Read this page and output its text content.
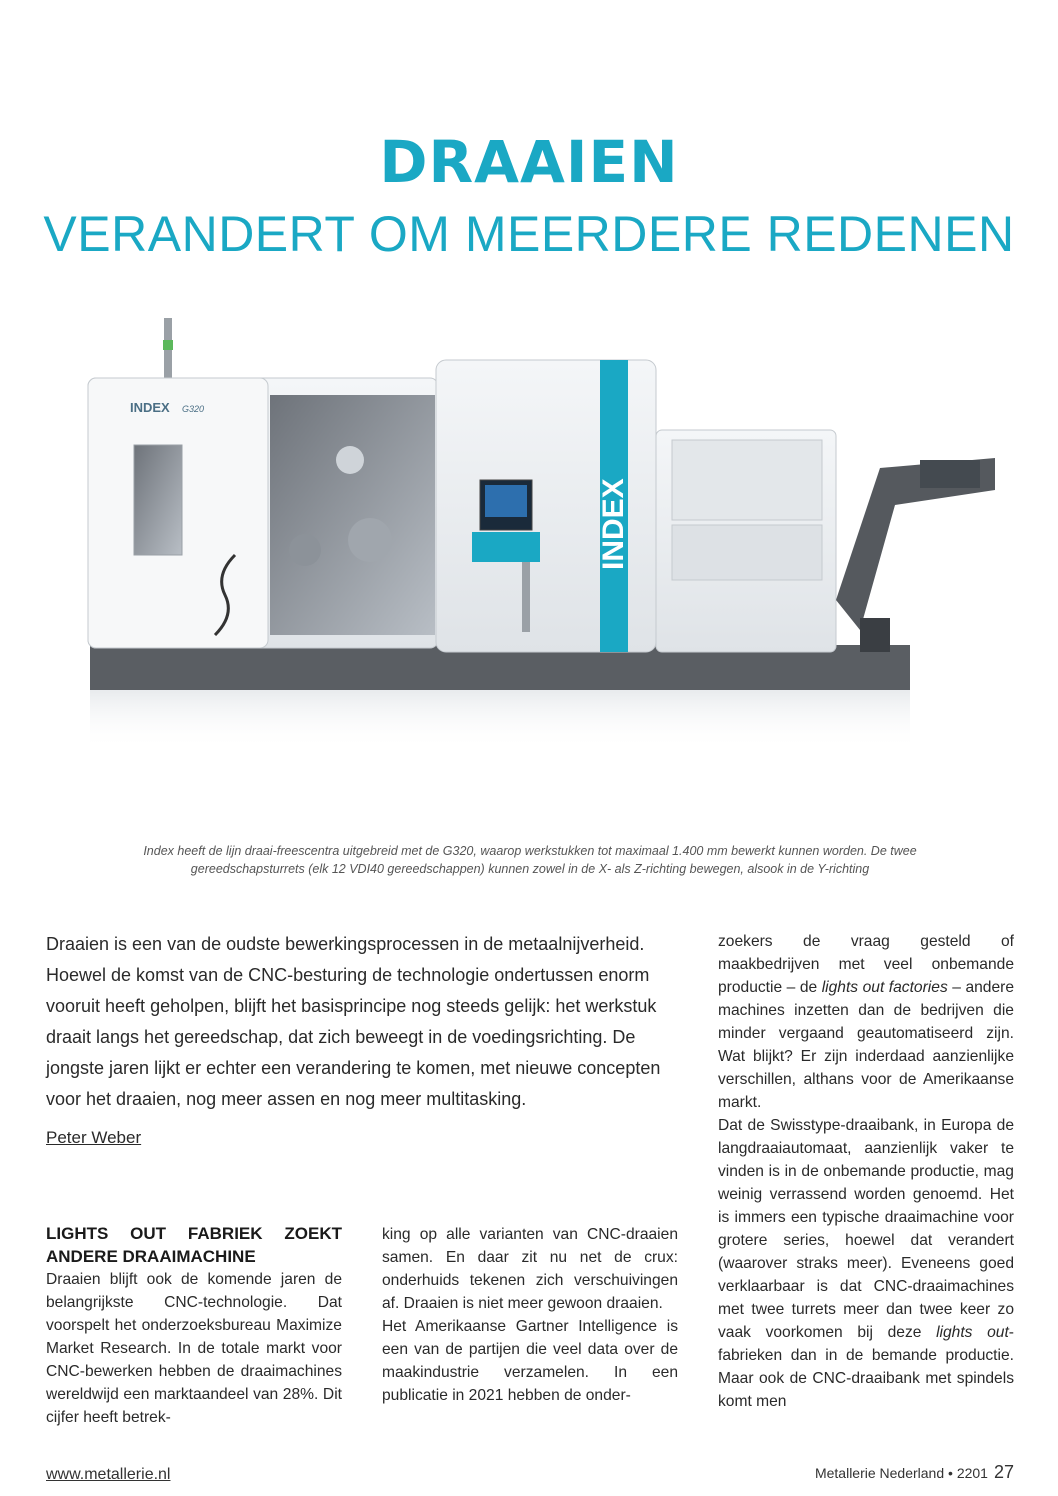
DRAAIEN
VERANDERT OM MEERDERE REDENEN
INDEX G320
INDEX
Index heeft de lijn draai-freescentra uitgebreid met de G320, waarop werkstukken tot maximaal 1.400 mm bewerkt kunnen worden. De twee gereedschapsturrets (elk 12 VDI40 gereedschappen) kunnen zowel in de X- als Z-richting bewegen, alsook in de Y-richting
Draaien is een van de oudste bewerkingsprocessen in de metaalnijverheid. Hoewel de komst van de CNC-besturing de technologie ondertussen enorm vooruit heeft geholpen, blijft het basisprincipe nog steeds gelijk: het werkstuk draait langs het gereedschap, dat zich beweegt in de voedingsrichting. De jongste jaren lijkt er echter een verandering te komen, met nieuwe concepten voor het draaien, nog meer assen en nog meer multitasking.
Peter Weber
LIGHTS OUT FABRIEK ZOEKT ANDERE DRAAIMACHINE

Draaien blijft ook de komende jaren de belangrijkste CNC-technologie. Dat voorspelt het onderzoeksbureau Maximize Market Research. In de totale markt voor CNC-bewerken hebben de draaimachines wereldwijd een marktaandeel van 28%. Dit cijfer heeft betrek-

king op alle varianten van CNC-draaien samen. En daar zit nu net de crux: onderhuids tekenen zich verschuivingen af. Draaien is niet meer gewoon draaien.

Het Amerikaanse Gartner Intelligence is een van de partijen die veel data over de maakindustrie verzamelen. In een publicatie in 2021 hebben de onder-

zoekers de vraag gesteld of maakbedrijven met veel onbemande productie – de lights out factories – andere machines inzetten dan de bedrijven die minder vergaand geautomatiseerd zijn. Wat blijkt? Er zijn inderdaad aanzienlijke verschillen, althans voor de Amerikaanse markt.

Dat de Swisstype-draaibank, in Europa de langdraaiautomaat, aanzienlijk vaker te vinden is in de onbemande productie, mag weinig verrassend worden genoemd. Het is immers een typische draaimachine voor grotere series, hoewel dat verandert (waarover straks meer). Eveneens goed verklaarbaar is dat CNC-draaimachines met twee turrets meer dan twee keer zo vaak voorkomen bij deze lights out-fabrieken dan in de bemande productie. Maar ook de CNC-draaibank met spindels komt men

www.metallerie.nl	Metallerie Nederland • 2201 27
